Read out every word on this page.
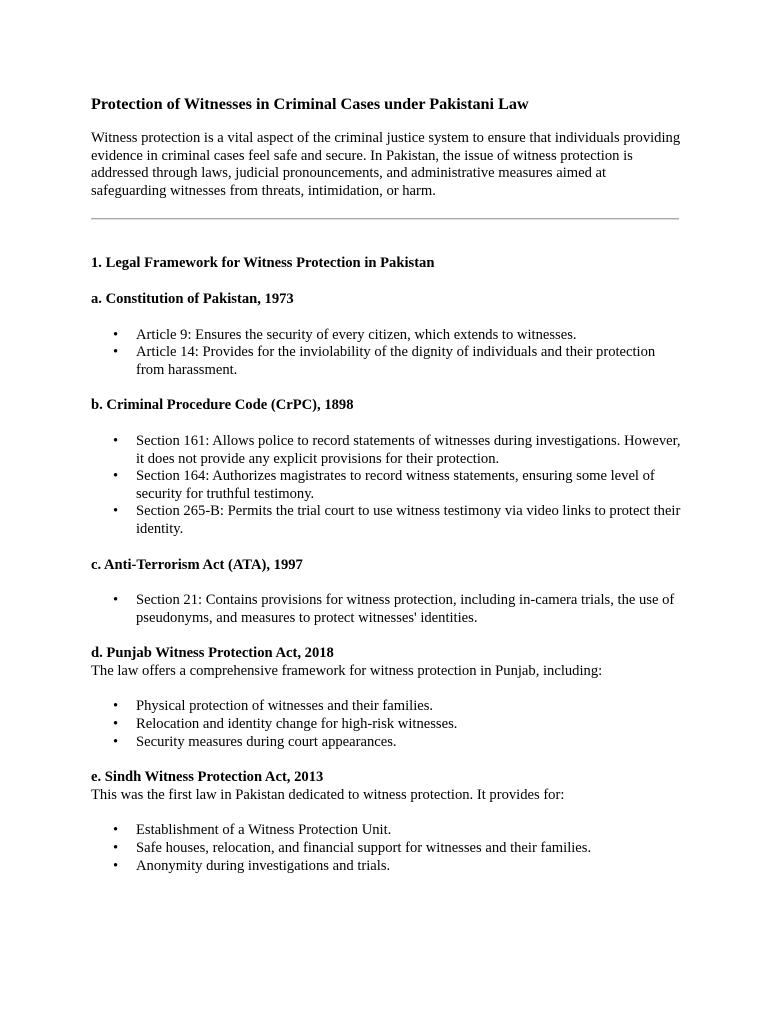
Protection of Witnesses in Criminal Cases under Pakistani Law

Witness protection is a vital aspect of the criminal justice system to ensure that individuals providing evidence in criminal cases feel safe and secure. In Pakistan, the issue of witness protection is addressed through laws, judicial pronouncements, and administrative measures aimed at safeguarding witnesses from threats, intimidation, or harm.

1. Legal Framework for Witness Protection in Pakistan
a. Constitution of Pakistan, 1973
• Article 9: Ensures the security of every citizen, which extends to witnesses.
• Article 14: Provides for the inviolability of the dignity of individuals and their protection from harassment.
b. Criminal Procedure Code (CrPC), 1898
• Section 161: Allows police to record statements of witnesses during investigations. However, it does not provide any explicit provisions for their protection.
• Section 164: Authorizes magistrates to record witness statements, ensuring some level of security for truthful testimony.
• Section 265-B: Permits the trial court to use witness testimony via video links to protect their identity.
c. Anti-Terrorism Act (ATA), 1997
• Section 21: Contains provisions for witness protection, including in-camera trials, the use of pseudonyms, and measures to protect witnesses' identities.
d. Punjab Witness Protection Act, 2018

The law offers a comprehensive framework for witness protection in Punjab, including:

• Physical protection of witnesses and their families.
• Relocation and identity change for high-risk witnesses.
• Security measures during court appearances.
e. Sindh Witness Protection Act, 2013

This was the first law in Pakistan dedicated to witness protection. It provides for:

• Establishment of a Witness Protection Unit.
• Safe houses, relocation, and financial support for witnesses and their families.
• Anonymity during investigations and trials.
